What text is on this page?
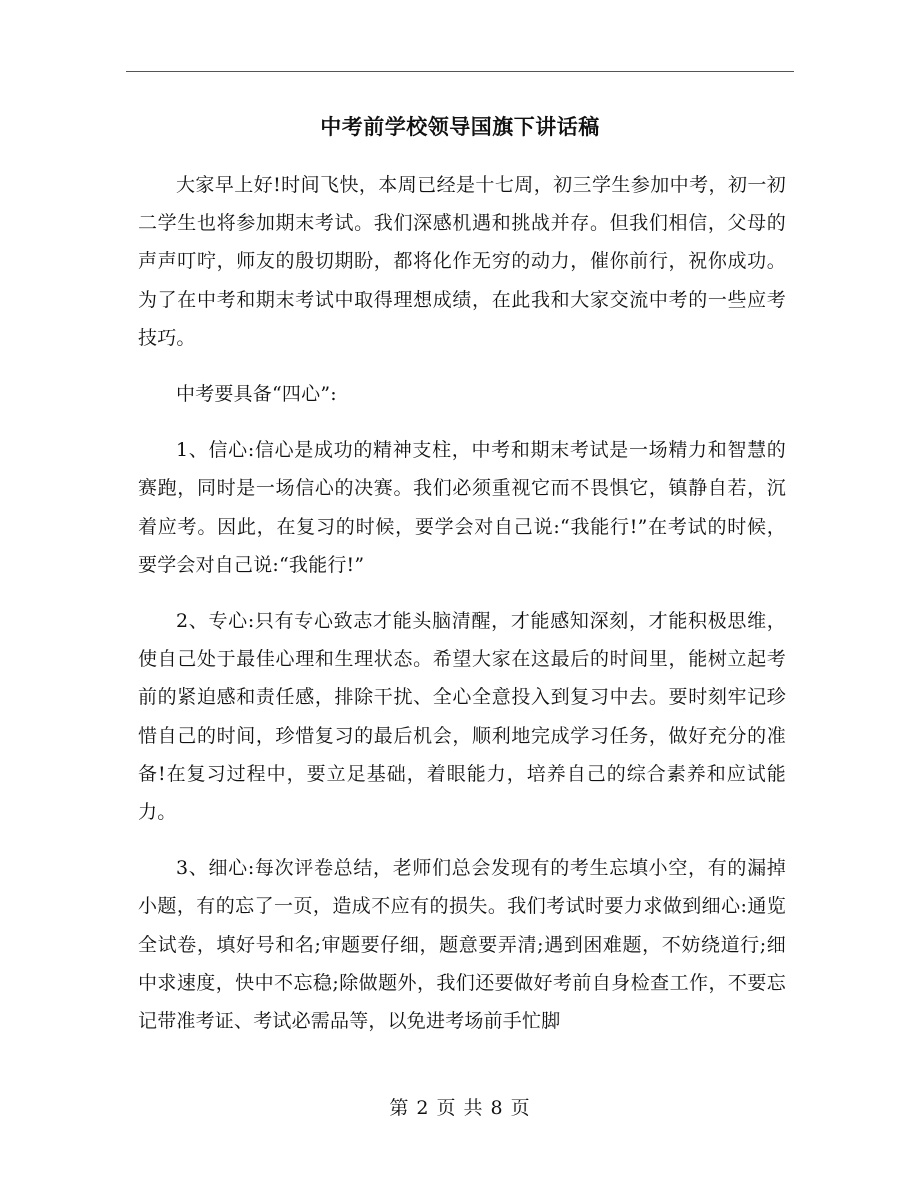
中考前学校领导国旗下讲话稿

大家早上好!时间飞快，本周已经是十七周，初三学生参加中考，初一初二学生也将参加期末考试。我们深感机遇和挑战并存。但我们相信，父母的声声叮咛，师友的殷切期盼，都将化作无穷的动力，催你前行，祝你成功。为了在中考和期末考试中取得理想成绩，在此我和大家交流中考的一些应考技巧。

中考要具备“四心”:

1、信心:信心是成功的精神支柱，中考和期末考试是一场精力和智慧的赛跑，同时是一场信心的决赛。我们必须重视它而不畏惧它，镇静自若，沉着应考。因此，在复习的时候，要学会对自己说:“我能行!”在考试的时候，要学会对自己说:“我能行!”

2、专心:只有专心致志才能头脑清醒，才能感知深刻，才能积极思维，使自己处于最佳心理和生理状态。希望大家在这最后的时间里，能树立起考前的紧迫感和责任感，排除干扰、全心全意投入到复习中去。要时刻牢记珍惜自己的时间，珍惜复习的最后机会，顺利地完成学习任务，做好充分的准备!在复习过程中，要立足基础，着眼能力，培养自己的综合素养和应试能力。

3、细心:每次评卷总结，老师们总会发现有的考生忘填小空，有的漏掉小题，有的忘了一页，造成不应有的损失。我们考试时要力求做到细心:通览全试卷，填好号和名;审题要仔细，题意要弄清;遇到困难题，不妨绕道行;细中求速度，快中不忘稳;除做题外，我们还要做好考前自身检查工作，不要忘记带准考证、考试必需品等，以免进考场前手忙脚

第 2 页 共 8 页
